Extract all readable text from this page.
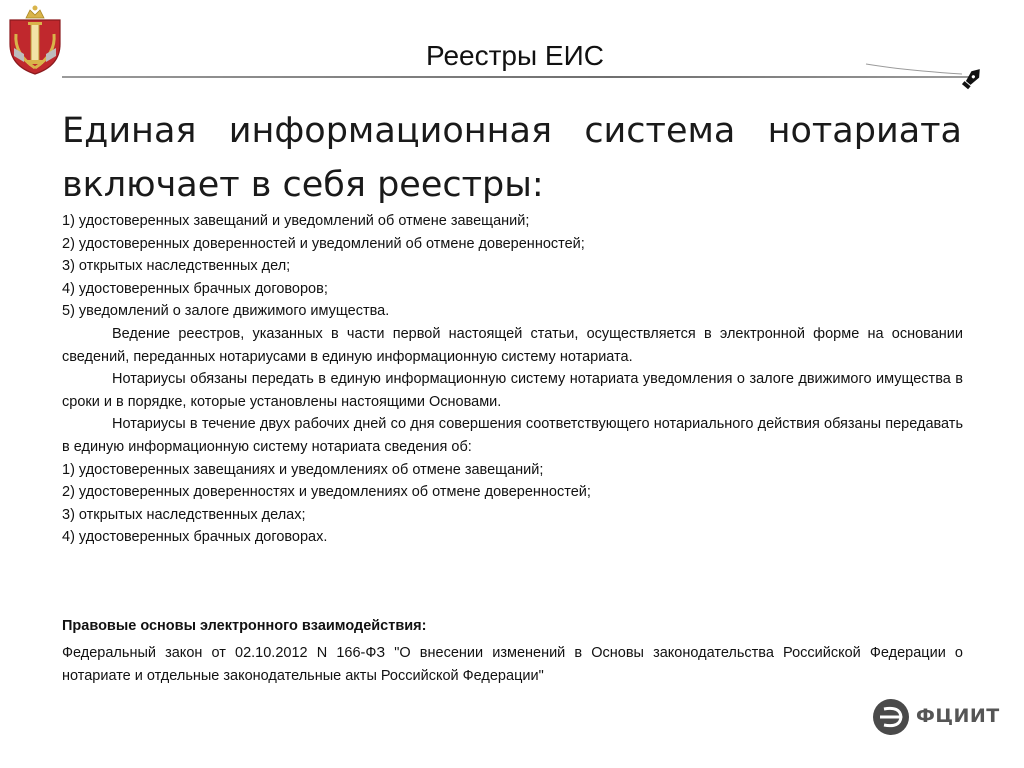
Реестры ЕИС
Единая информационная система нотариата включает в себя реестры:

1) удостоверенных завещаний и уведомлений об отмене завещаний;

2) удостоверенных доверенностей и уведомлений об отмене доверенностей;

3) открытых наследственных дел;

4) удостоверенных брачных договоров;

5) уведомлений о залоге движимого имущества.

Ведение реестров, указанных в части первой настоящей статьи, осуществляется в электронной форме на основании сведений, переданных нотариусами в единую информационную систему нотариата.

Нотариусы обязаны передать в единую информационную систему нотариата уведомления о залоге движимого имущества в сроки и в порядке, которые установлены настоящими Основами.

Нотариусы в течение двух рабочих дней со дня совершения соответствующего нотариального действия обязаны передавать в единую информационную систему нотариата сведения об:

1) удостоверенных завещаниях и уведомлениях об отмене завещаний;

2) удостоверенных доверенностях и уведомлениях об отмене доверенностей;

3) открытых наследственных делах;

4) удостоверенных брачных договорах.

Правовые основы электронного взаимодействия:

Федеральный закон от 02.10.2012 N 166-ФЗ "О внесении изменений в Основы законодательства Российской Федерации о нотариате и отдельные законодательные акты Российской Федерации"

ФЦИИТ
